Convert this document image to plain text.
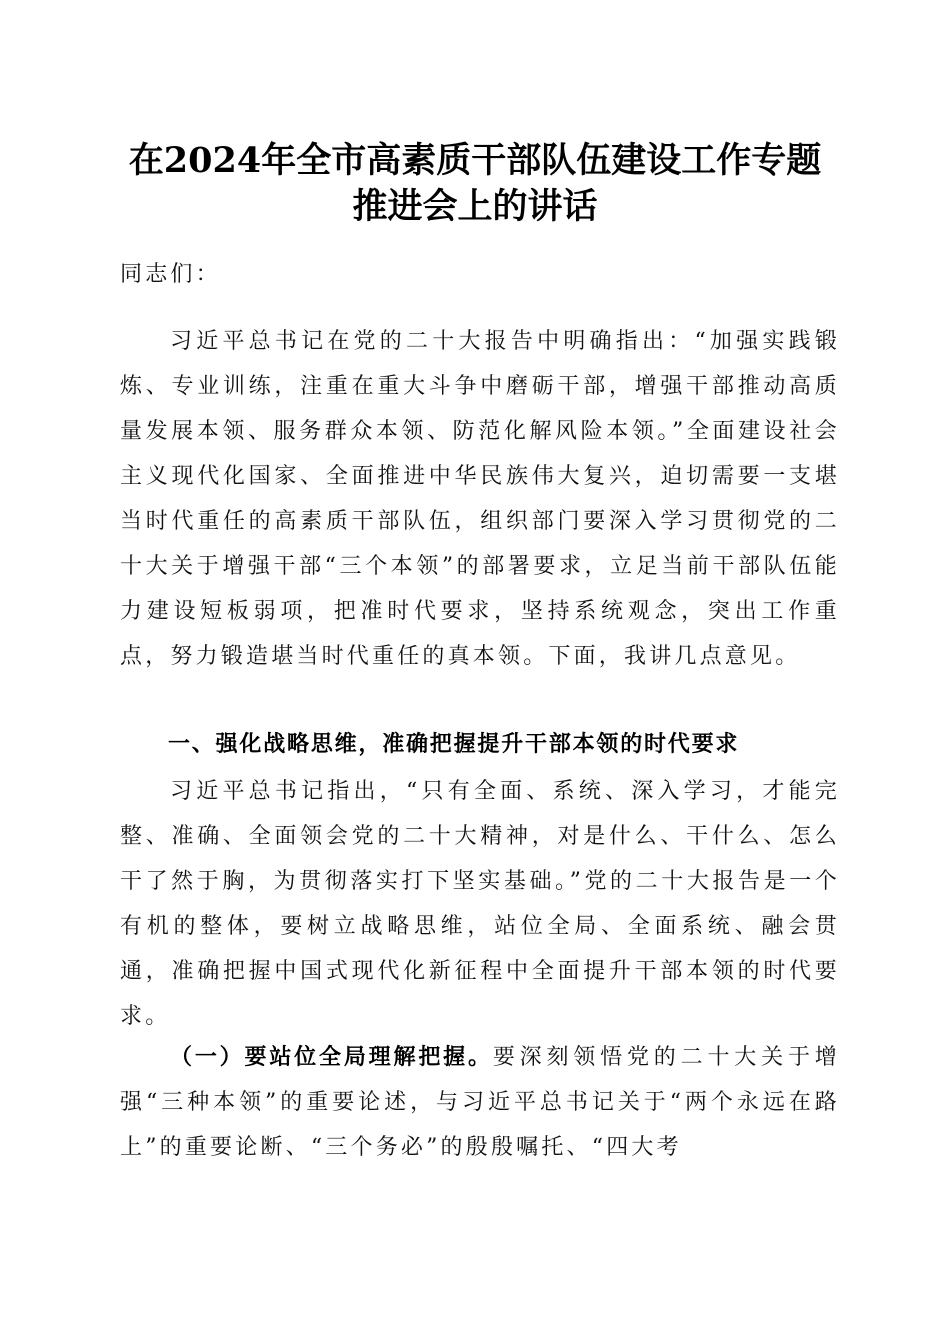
在2024年全市高素质干部队伍建设工作专题
推进会上的讲话

同志们：

习近平总书记在党的二十大报告中明确指出：“加强实践锻炼、专业训练，注重在重大斗争中磨砺干部，增强干部推动高质量发展本领、服务群众本领、防范化解风险本领。”全面建设社会主义现代化国家、全面推进中华民族伟大复兴，迫切需要一支堪当时代重任的高素质干部队伍，组织部门要深入学习贯彻党的二十大关于增强干部“三个本领”的部署要求，立足当前干部队伍能力建设短板弱项，把准时代要求，坚持系统观念，突出工作重点，努力锻造堪当时代重任的真本领。下面，我讲几点意见。

一、强化战略思维，准确把握提升干部本领的时代要求

习近平总书记指出，“只有全面、系统、深入学习，才能完整、准确、全面领会党的二十大精神，对是什么、干什么、怎么干了然于胸，为贯彻落实打下坚实基础。”党的二十大报告是一个有机的整体，要树立战略思维，站位全局、全面系统、融会贯通，准确把握中国式现代化新征程中全面提升干部本领的时代要求。

（一）要站位全局理解把握。要深刻领悟党的二十大关于增强“三种本领”的重要论述，与习近平总书记关于“两个永远在路上”的重要论断、“三个务必”的殷殷嘱托、“四大考
